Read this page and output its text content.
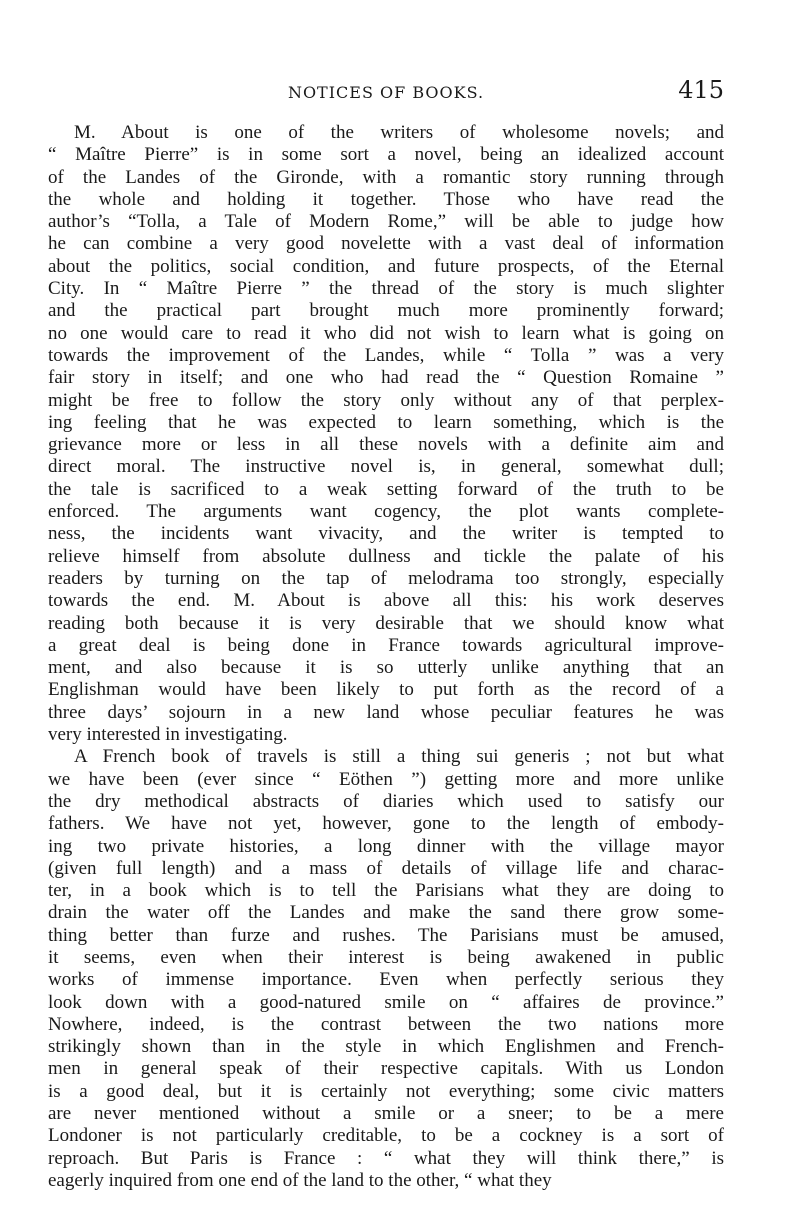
NOTICES OF BOOKS.	415
M. About is one of the writers of wholesome novels; and
“ Maître Pierre” is in some sort a novel, being an idealized account
of the Landes of the Gironde, with a romantic story running through
the whole and holding it together. Those who have read the
author’s “Tolla, a Tale of Modern Rome,” will be able to judge how
he can combine a very good novelette with a vast deal of information
about the politics, social condition, and future prospects, of the Eternal
City. In “ Maître Pierre ” the thread of the story is much slighter
and the practical part brought much more prominently forward;
no one would care to read it who did not wish to learn what is going on
towards the improvement of the Landes, while “ Tolla ” was a very
fair story in itself; and one who had read the “ Question Romaine ”
might be free to follow the story only without any of that perplex-
ing feeling that he was expected to learn something, which is the
grievance more or less in all these novels with a definite aim and
direct moral. The instructive novel is, in general, somewhat dull;
the tale is sacrificed to a weak setting forward of the truth to be
enforced. The arguments want cogency, the plot wants complete-
ness, the incidents want vivacity, and the writer is tempted to
relieve himself from absolute dullness and tickle the palate of his
readers by turning on the tap of melodrama too strongly, especially
towards the end. M. About is above all this: his work deserves
reading both because it is very desirable that we should know what
a great deal is being done in France towards agricultural improve-
ment, and also because it is so utterly unlike anything that an
Englishman would have been likely to put forth as the record of a
three days’ sojourn in a new land whose peculiar features he was
very interested in investigating.
A French book of travels is still a thing sui generis ; not but what
we have been (ever since “ Eöthen ”) getting more and more unlike
the dry methodical abstracts of diaries which used to satisfy our
fathers. We have not yet, however, gone to the length of embody-
ing two private histories, a long dinner with the village mayor
(given full length) and a mass of details of village life and charac-
ter, in a book which is to tell the Parisians what they are doing to
drain the water off the Landes and make the sand there grow some-
thing better than furze and rushes. The Parisians must be amused,
it seems, even when their interest is being awakened in public
works of immense importance. Even when perfectly serious they
look down with a good-natured smile on “ affaires de province.”
Nowhere, indeed, is the contrast between the two nations more
strikingly shown than in the style in which Englishmen and French-
men in general speak of their respective capitals. With us London
is a good deal, but it is certainly not everything; some civic matters
are never mentioned without a smile or a sneer; to be a mere
Londoner is not particularly creditable, to be a cockney is a sort of
reproach. But Paris is France : “ what they will think there,” is
eagerly inquired from one end of the land to the other, “ what they
